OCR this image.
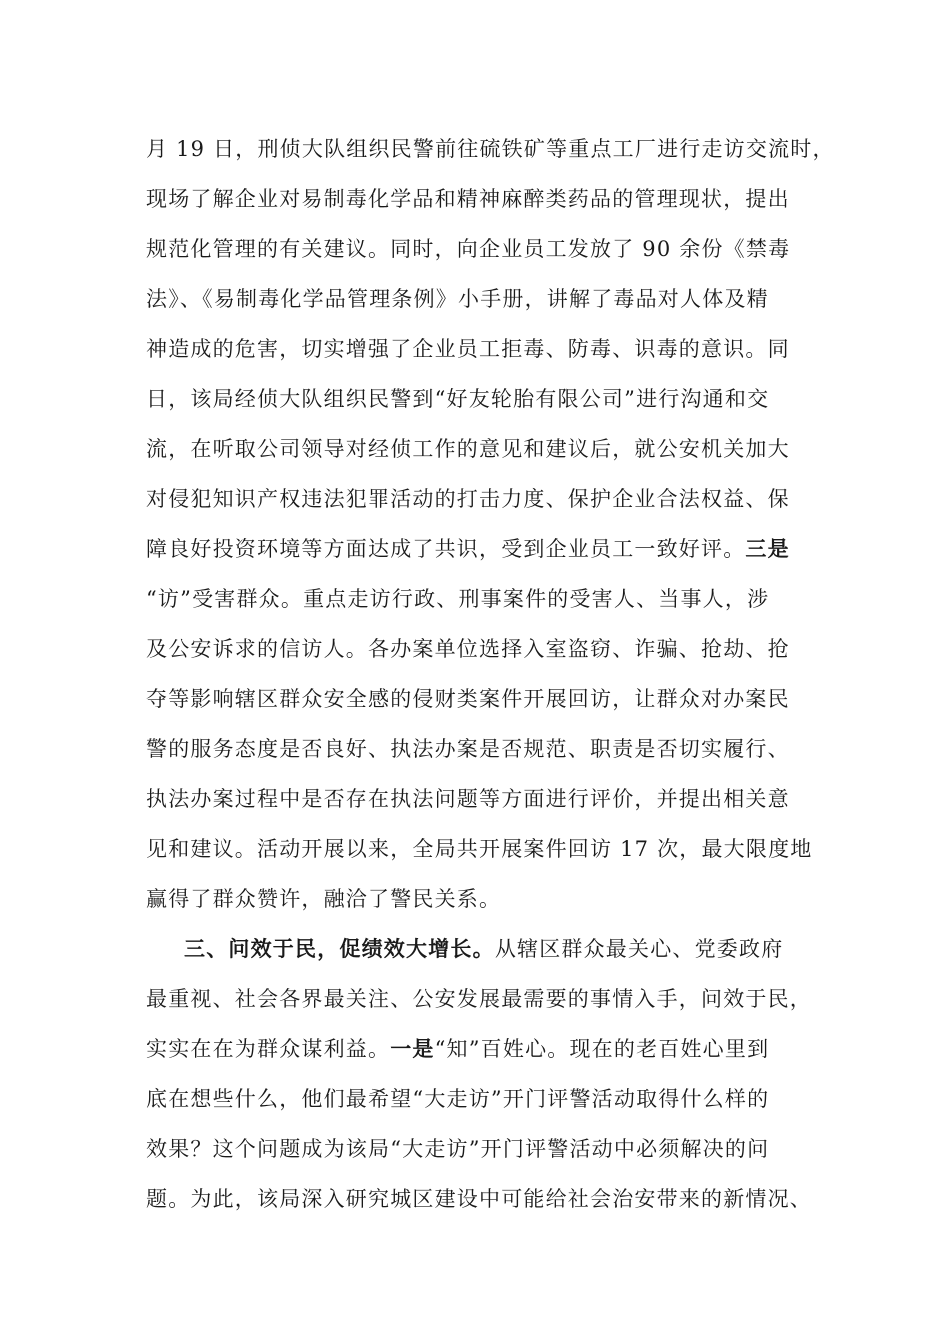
月 19 日，刑侦大队组织民警前往硫铁矿等重点工厂进行走访交流时，
现场了解企业对易制毒化学品和精神麻醉类药品的管理现状，提出
规范化管理的有关建议。同时，向企业员工发放了 90 余份《禁毒
法》、《易制毒化学品管理条例》小手册，讲解了毒品对人体及精
神造成的危害，切实增强了企业员工拒毒、防毒、识毒的意识。同
日，该局经侦大队组织民警到“好友轮胎有限公司”进行沟通和交
流，在听取公司领导对经侦工作的意见和建议后，就公安机关加大
对侵犯知识产权违法犯罪活动的打击力度、保护企业合法权益、保
障良好投资环境等方面达成了共识，受到企业员工一致好评。三是
“访”受害群众。重点走访行政、刑事案件的受害人、当事人，涉
及公安诉求的信访人。各办案单位选择入室盗窃、诈骗、抢劫、抢
夺等影响辖区群众安全感的侵财类案件开展回访，让群众对办案民
警的服务态度是否良好、执法办案是否规范、职责是否切实履行、
执法办案过程中是否存在执法问题等方面进行评价，并提出相关意
见和建议。活动开展以来，全局共开展案件回访 17 次，最大限度地
赢得了群众赞许，融洽了警民关系。
三、问效于民，促绩效大增长。从辖区群众最关心、党委政府
最重视、社会各界最关注、公安发展最需要的事情入手，问效于民，
实实在在为群众谋利益。一是“知”百姓心。现在的老百姓心里到
底在想些什么，他们最希望“大走访”开门评警活动取得什么样的
效果？这个问题成为该局“大走访”开门评警活动中必须解决的问
题。为此，该局深入研究城区建设中可能给社会治安带来的新情况、
